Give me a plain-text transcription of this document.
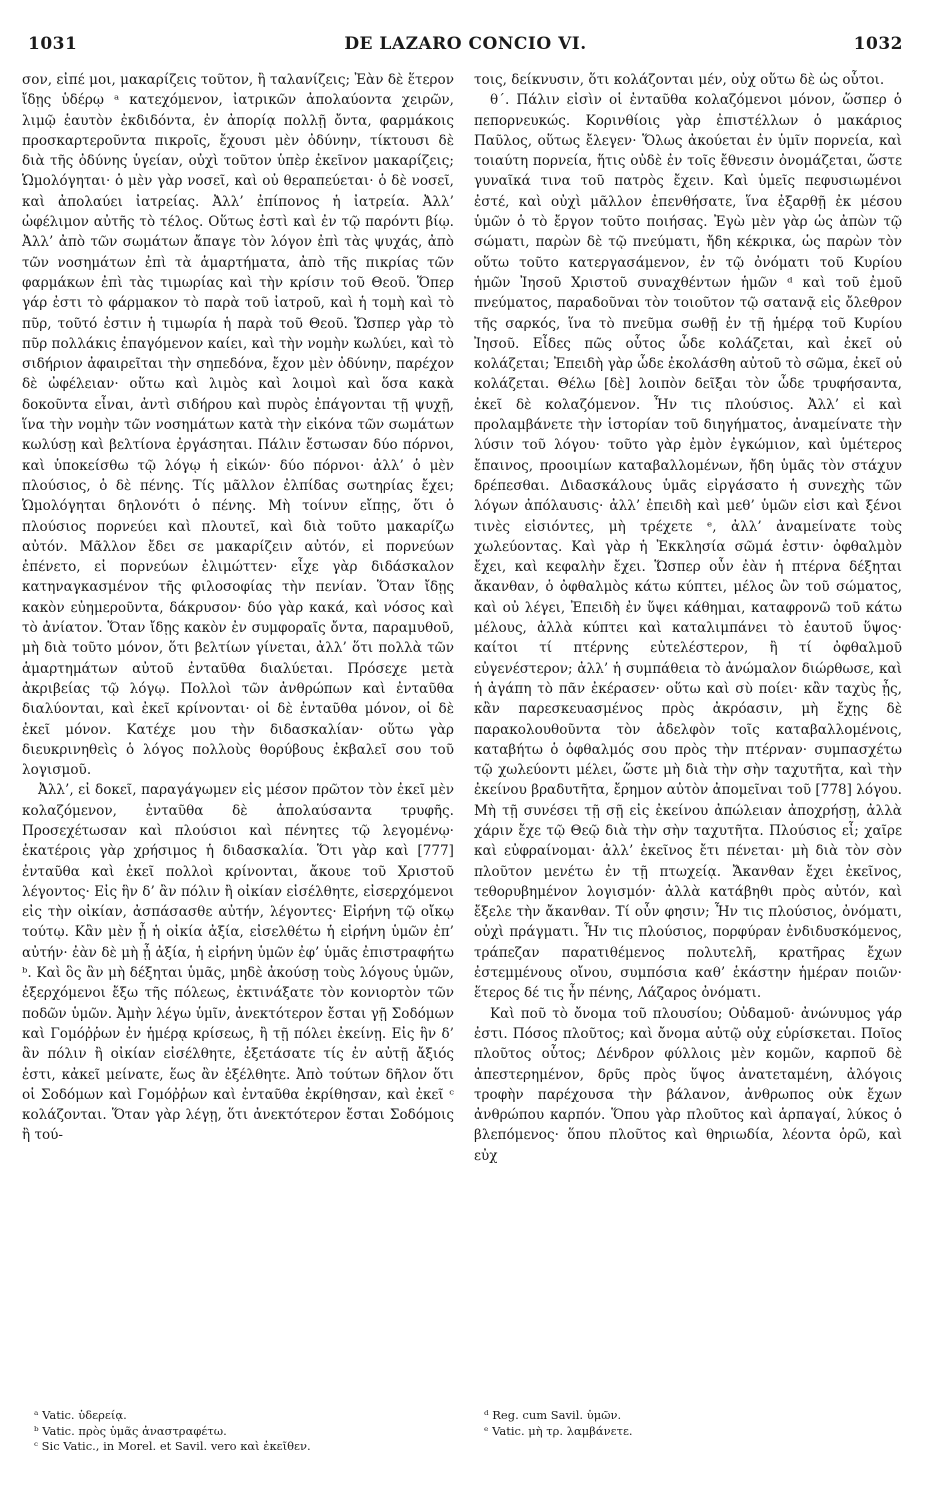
1031	DE LAZARO CONCIO VI.	1032

σον, εἰπέ μοι, μακαρίζεις τοῦτον, ἢ ταλανίζεις; Ἐὰν δὲ ἕτερον ἴδῃς ὑδέρῳ ᵃ κατεχόμενον, ἰατρικῶν ἀπολαύοντα χειρῶν, λιμῷ ἑαυτὸν ἐκδιδόντα, ἐν ἀπορίᾳ πολλῇ ὄντα, φαρμάκοις προσκαρτεροῦντα πικροῖς, ἔχουσι μὲν ὀδύνην, τίκτουσι δὲ διὰ τῆς ὀδύνης ὑγείαν, οὐχὶ τοῦτον ὑπὲρ ἐκεῖνον μακαρίζεις; Ὡμολόγηται· ὁ μὲν γὰρ νοσεῖ, καὶ οὐ θεραπεύεται· ὁ δὲ νοσεῖ, καὶ ἀπολαύει ἰατρείας. Ἀλλ’ ἐπίπονος ἡ ἰατρεία. Ἀλλ’ ὠφέλιμον αὐτῆς τὸ τέλος. Οὕτως ἐστὶ καὶ ἐν τῷ παρόντι βίῳ. Ἀλλ’ ἀπὸ τῶν σωμάτων ἄπαγε τὸν λόγον ἐπὶ τὰς ψυχάς, ἀπὸ τῶν νοσημάτων ἐπὶ τὰ ἁμαρτήματα, ἀπὸ τῆς πικρίας τῶν φαρμάκων ἐπὶ τὰς τιμωρίας καὶ τὴν κρίσιν τοῦ Θεοῦ. Ὅπερ γάρ ἐστι τὸ φάρμακον τὸ παρὰ τοῦ ἰατροῦ, καὶ ἡ τομὴ καὶ τὸ πῦρ, τοῦτό ἐστιν ἡ τιμωρία ἡ παρὰ τοῦ Θεοῦ. Ὥσπερ γὰρ τὸ πῦρ πολλάκις ἐπαγόμενον καίει, καὶ τὴν νομὴν κωλύει, καὶ τὸ σιδήριον ἀφαιρεῖται τὴν σηπεδόνα, ἔχον μὲν ὀδύνην, παρέχον δὲ ὠφέλειαν· οὕτω καὶ λιμὸς καὶ λοιμοὶ καὶ ὅσα κακὰ δοκοῦντα εἶναι, ἀντὶ σιδήρου καὶ πυρὸς ἐπάγονται τῇ ψυχῇ, ἵνα τὴν νομὴν τῶν νοσημάτων κατὰ τὴν εἰκόνα τῶν σωμάτων κωλύσῃ καὶ βελτίονα ἐργάσηται. Πάλιν ἔστωσαν δύο πόρνοι, καὶ ὑποκείσθω τῷ λόγῳ ἡ εἰκών· δύο πόρνοι· ἀλλ’ ὁ μὲν πλούσιος, ὁ δὲ πένης. Τίς μᾶλλον ἐλπίδας σωτηρίας ἔχει; Ὡμολόγηται δηλονότι ὁ πένης. Μὴ τοίνυν εἴπῃς, ὅτι ὁ πλούσιος πορνεύει καὶ πλουτεῖ, καὶ διὰ τοῦτο μακαρίζω αὐτόν. Μᾶλλον ἔδει σε μακαρίζειν αὐτόν, εἰ πορνεύων ἐπένετο, εἰ πορνεύων ἐλιμώττεν· εἶχε γὰρ διδάσκαλον κατηναγκασμένον τῆς φιλοσοφίας τὴν πενίαν. Ὅταν ἴδῃς κακὸν εὐημεροῦντα, δάκρυσον· δύο γὰρ κακά, καὶ νόσος καὶ τὸ ἀνίατον. Ὅταν ἴδῃς κακὸν ἐν συμφοραῖς ὄντα, παραμυθοῦ, μὴ διὰ τοῦτο μόνον, ὅτι βελτίων γίνεται, ἀλλ’ ὅτι πολλὰ τῶν ἁμαρτημάτων αὐτοῦ ἐνταῦθα διαλύεται. Πρόσεχε μετὰ ἀκριβείας τῷ λόγῳ. Πολλοὶ τῶν ἀνθρώπων καὶ ἐνταῦθα διαλύονται, καὶ ἐκεῖ κρίνονται· οἱ δὲ ἐνταῦθα μόνον, οἱ δὲ ἐκεῖ μόνον. Κατέχε μου τὴν διδασκαλίαν· οὕτω γὰρ διευκρινηθεὶς ὁ λόγος πολλοὺς θορύβους ἐκβαλεῖ σου τοῦ λογισμοῦ.

Ἀλλ’, εἰ δοκεῖ, παραγάγωμεν εἰς μέσον πρῶτον τὸν ἐκεῖ μὲν κολαζόμενον, ἐνταῦθα δὲ ἀπολαύσαντα τρυφῆς. Προσεχέτωσαν καὶ πλούσιοι καὶ πένητες τῷ λεγομένῳ· ἑκατέροις γὰρ χρήσιμος ἡ διδασκαλία. Ὅτι γὰρ καὶ [777] ἐνταῦθα καὶ ἐκεῖ πολλοὶ κρίνονται, ἄκουε τοῦ Χριστοῦ λέγοντος· Εἰς ἣν δ’ ἂν πόλιν ἢ οἰκίαν εἰσέλθητε, εἰσερχόμενοι εἰς τὴν οἰκίαν, ἀσπάσασθε αὐτήν, λέγοντες· Εἰρήνη τῷ οἴκῳ τούτῳ. Κἂν μὲν ᾖ ἡ οἰκία ἀξία, εἰσελθέτω ἡ εἰρήνη ὑμῶν ἐπ’ αὐτήν· ἐὰν δὲ μὴ ᾖ ἀξία, ἡ εἰρήνη ὑμῶν ἐφ’ ὑμᾶς ἐπιστραφήτω ᵇ. Καὶ ὃς ἂν μὴ δέξηται ὑμᾶς, μηδὲ ἀκούσῃ τοὺς λόγους ὑμῶν, ἐξερχόμενοι ἔξω τῆς πόλεως, ἐκτινάξατε τὸν κονιορτὸν τῶν ποδῶν ὑμῶν. Ἀμὴν λέγω ὑμῖν, ἀνεκτότερον ἔσται γῇ Σοδόμων καὶ Γομόῤῥων ἐν ἡμέρᾳ κρίσεως, ἢ τῇ πόλει ἐκείνῃ. Εἰς ἣν δ’ ἂν πόλιν ἢ οἰκίαν εἰσέλθητε, ἐξετάσατε τίς ἐν αὐτῇ ἄξιός ἐστι, κἀκεῖ μείνατε, ἕως ἂν ἐξέλθητε. Ἀπὸ τούτων δῆλον ὅτι οἱ Σοδόμων καὶ Γομόῤῥων καὶ ἐνταῦθα ἐκρίθησαν, καὶ ἐκεῖ ᶜ κολάζονται. Ὅταν γὰρ λέγῃ, ὅτι ἀνεκτότερον ἔσται Σοδόμοις ἢ τού-

τοις, δείκνυσιν, ὅτι κολάζονται μέν, οὐχ οὕτω δὲ ὡς οὗτοι.

θ΄. Πάλιν εἰσὶν οἱ ἐνταῦθα κολαζόμενοι μόνον, ὥσπερ ὁ πεπορνευκώς. Κορινθίοις γὰρ ἐπιστέλλων ὁ μακάριος Παῦλος, οὕτως ἔλεγεν· Ὅλως ἀκούεται ἐν ὑμῖν πορνεία, καὶ τοιαύτη πορνεία, ἥτις οὐδὲ ἐν τοῖς ἔθνεσιν ὀνομάζεται, ὥστε γυναῖκά τινα τοῦ πατρὸς ἔχειν. Καὶ ὑμεῖς πεφυσιωμένοι ἐστέ, καὶ οὐχὶ μᾶλλον ἐπενθήσατε, ἵνα ἐξαρθῇ ἐκ μέσου ὑμῶν ὁ τὸ ἔργον τοῦτο ποιήσας. Ἐγὼ μὲν γὰρ ὡς ἀπὼν τῷ σώματι, παρὼν δὲ τῷ πνεύματι, ἤδη κέκρικα, ὡς παρὼν τὸν οὕτω τοῦτο κατεργασάμενον, ἐν τῷ ὀνόματι τοῦ Κυρίου ἡμῶν Ἰησοῦ Χριστοῦ συναχθέντων ἡμῶν ᵈ καὶ τοῦ ἐμοῦ πνεύματος, παραδοῦναι τὸν τοιοῦτον τῷ σατανᾷ εἰς ὄλεθρον τῆς σαρκός, ἵνα τὸ πνεῦμα σωθῇ ἐν τῇ ἡμέρᾳ τοῦ Κυρίου Ἰησοῦ. Εἶδες πῶς οὗτος ὧδε κολάζεται, καὶ ἐκεῖ οὐ κολάζεται; Ἐπειδὴ γὰρ ὧδε ἐκολάσθη αὐτοῦ τὸ σῶμα, ἐκεῖ οὐ κολάζεται. Θέλω [δὲ] λοιπὸν δεῖξαι τὸν ὧδε τρυφήσαντα, ἐκεῖ δὲ κολαζόμενον. Ἦν τις πλούσιος. Ἀλλ’ εἰ καὶ προλαμβάνετε τὴν ἱστορίαν τοῦ διηγήματος, ἀναμείνατε τὴν λύσιν τοῦ λόγου· τοῦτο γὰρ ἐμὸν ἐγκώμιον, καὶ ὑμέτερος ἔπαινος, προοιμίων καταβαλλομένων, ἤδη ὑμᾶς τὸν στάχυν δρέπεσθαι. Διδασκάλους ὑμᾶς εἰργάσατο ἡ συνεχὴς τῶν λόγων ἀπόλαυσις· ἀλλ’ ἐπειδὴ καὶ μεθ’ ὑμῶν εἰσι καὶ ξένοι τινὲς εἰσιόντες, μὴ τρέχετε ᵉ, ἀλλ’ ἀναμείνατε τοὺς χωλεύοντας. Καὶ γὰρ ἡ Ἐκκλησία σῶμά ἐστιν· ὀφθαλμὸν ἔχει, καὶ κεφαλὴν ἔχει. Ὥσπερ οὖν ἐὰν ἡ πτέρνα δέξηται ἄκανθαν, ὁ ὀφθαλμὸς κάτω κύπτει, μέλος ὢν τοῦ σώματος, καὶ οὐ λέγει, Ἐπειδὴ ἐν ὕψει κάθημαι, καταφρονῶ τοῦ κάτω μέλους, ἀλλὰ κύπτει καὶ καταλιμπάνει τὸ ἑαυτοῦ ὕψος· καίτοι τί πτέρνης εὐτελέστερον, ἢ τί ὀφθαλμοῦ εὐγενέστερον; ἀλλ’ ἡ συμπάθεια τὸ ἀνώμαλον διώρθωσε, καὶ ἡ ἀγάπη τὸ πᾶν ἐκέρασεν· οὕτω καὶ σὺ ποίει· κἂν ταχὺς ᾖς, κἂν παρεσκευασμένος πρὸς ἀκρόασιν, μὴ ἔχῃς δὲ παρακολουθοῦντα τὸν ἀδελφὸν τοῖς καταβαλλομένοις, καταβήτω ὁ ὀφθαλμός σου πρὸς τὴν πτέρναν· συμπασχέτω τῷ χωλεύοντι μέλει, ὥστε μὴ διὰ τὴν σὴν ταχυτῆτα, καὶ τὴν ἐκείνου βραδυτῆτα, ἔρημον αὐτὸν ἀπομεῖναι τοῦ [778] λόγου. Μὴ τῇ συνέσει τῇ σῇ εἰς ἐκείνου ἀπώλειαν ἀποχρήσῃ, ἀλλὰ χάριν ἔχε τῷ Θεῷ διὰ τὴν σὴν ταχυτῆτα. Πλούσιος εἶ; χαῖρε καὶ εὐφραίνομαι· ἀλλ’ ἐκεῖνος ἔτι πένεται· μὴ διὰ τὸν σὸν πλοῦτον μενέτω ἐν τῇ πτωχείᾳ. Ἄκανθαν ἔχει ἐκεῖνος, τεθορυβημένον λογισμόν· ἀλλὰ κατάβηθι πρὸς αὐτόν, καὶ ἔξελε τὴν ἄκανθαν. Τί οὖν φησιν; Ἦν τις πλούσιος, ὀνόματι, οὐχὶ πράγματι. Ἦν τις πλούσιος, πορφύραν ἐνδιδυσκόμενος, τράπεζαν παρατιθέμενος πολυτελῆ, κρατῆρας ἔχων ἐστεμμένους οἴνου, συμπόσια καθ’ ἑκάστην ἡμέραν ποιῶν· ἕτερος δέ τις ἦν πένης, Λάζαρος ὀνόματι.

Καὶ ποῦ τὸ ὄνομα τοῦ πλουσίου; Οὐδαμοῦ· ἀνώνυμος γάρ ἐστι. Πόσος πλοῦτος; καὶ ὄνομα αὐτῷ οὐχ εὑρίσκεται. Ποῖος πλοῦτος οὗτος; Δένδρον φύλλοις μὲν κομῶν, καρποῦ δὲ ἀπεστερημένον, δρῦς πρὸς ὕψος ἀνατεταμένη, ἀλόγοις τροφὴν παρέχουσα τὴν βάλανον, ἀνθρωπος οὐκ ἔχων ἀνθρώπου καρπόν. Ὅπου γὰρ πλοῦτος καὶ ἁρπαγαί, λύκος ὁ βλεπόμενος· ὅπου πλοῦτος καὶ θηριωδία, λέοντα ὁρῶ, καὶ εὐχ

ᵃ Vatic. ὑδερείᾳ.
ᵇ Vatic. πρὸς ὑμᾶς ἀναστραφέτω.
ᶜ Sic Vatic., in Morel. et Savil. vero καὶ ἐκεῖθεν.
ᵈ Reg. cum Savil. ὑμῶν.
ᵉ Vatic. μὴ τρ. λαμβάνετε.
